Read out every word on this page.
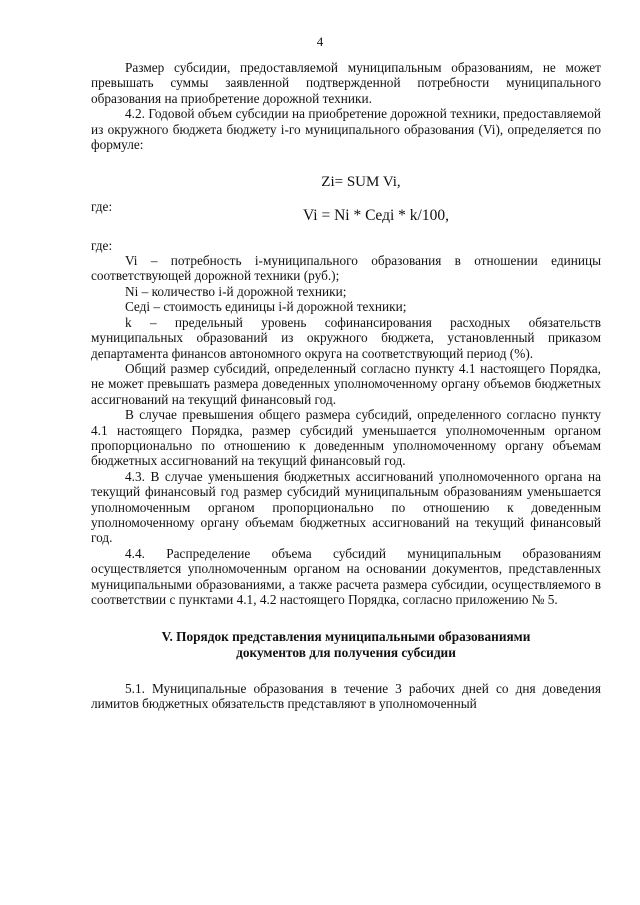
4

Размер субсидии, предоставляемой муниципальным образованиям, не может превышать суммы заявленной подтвержденной потребности муниципального образования на приобретение дорожной техники.

4.2. Годовой объем субсидии на приобретение дорожной техники, предоставляемой из окружного бюджета бюджету i-го муниципального образования (Vi), определяется по формуле:

Zi= SUM Vi,

где:

Vi = Ni * Cедi * k/100,

где:

Vi – потребность i-муниципального образования в отношении единицы соответствующей дорожной техники (руб.);

Ni – количество i-й дорожной техники;

Cедi – стоимость единицы i-й дорожной техники;

k – предельный уровень софинансирования расходных обязательств муниципальных образований из окружного бюджета, установленный приказом департамента финансов автономного округа на соответствующий период (%).

Общий размер субсидий, определенный согласно пункту 4.1 настоящего Порядка, не может превышать размера доведенных уполномоченному органу объемов бюджетных ассигнований на текущий финансовый год.

В случае превышения общего размера субсидий, определенного согласно пункту 4.1 настоящего Порядка, размер субсидий уменьшается уполномоченным органом пропорционально по отношению к доведенным уполномоченному органу объемам бюджетных ассигнований на текущий финансовый год.

4.3. В случае уменьшения бюджетных ассигнований уполномоченного органа на текущий финансовый год размер субсидий муниципальным образованиям уменьшается уполномоченным органом пропорционально по отношению к доведенным уполномоченному органу объемам бюджетных ассигнований на текущий финансовый год.

4.4. Распределение объема субсидий муниципальным образованиям осуществляется уполномоченным органом на основании документов, представленных муниципальными образованиями, а также расчета размера субсидии, осуществляемого в соответствии с пунктами 4.1, 4.2 настоящего Порядка, согласно приложению № 5.

V. Порядок представления муниципальными образованиями
документов для получения субсидии

5.1. Муниципальные образования в течение 3 рабочих дней со дня доведения лимитов бюджетных обязательств представляют в уполномоченный
